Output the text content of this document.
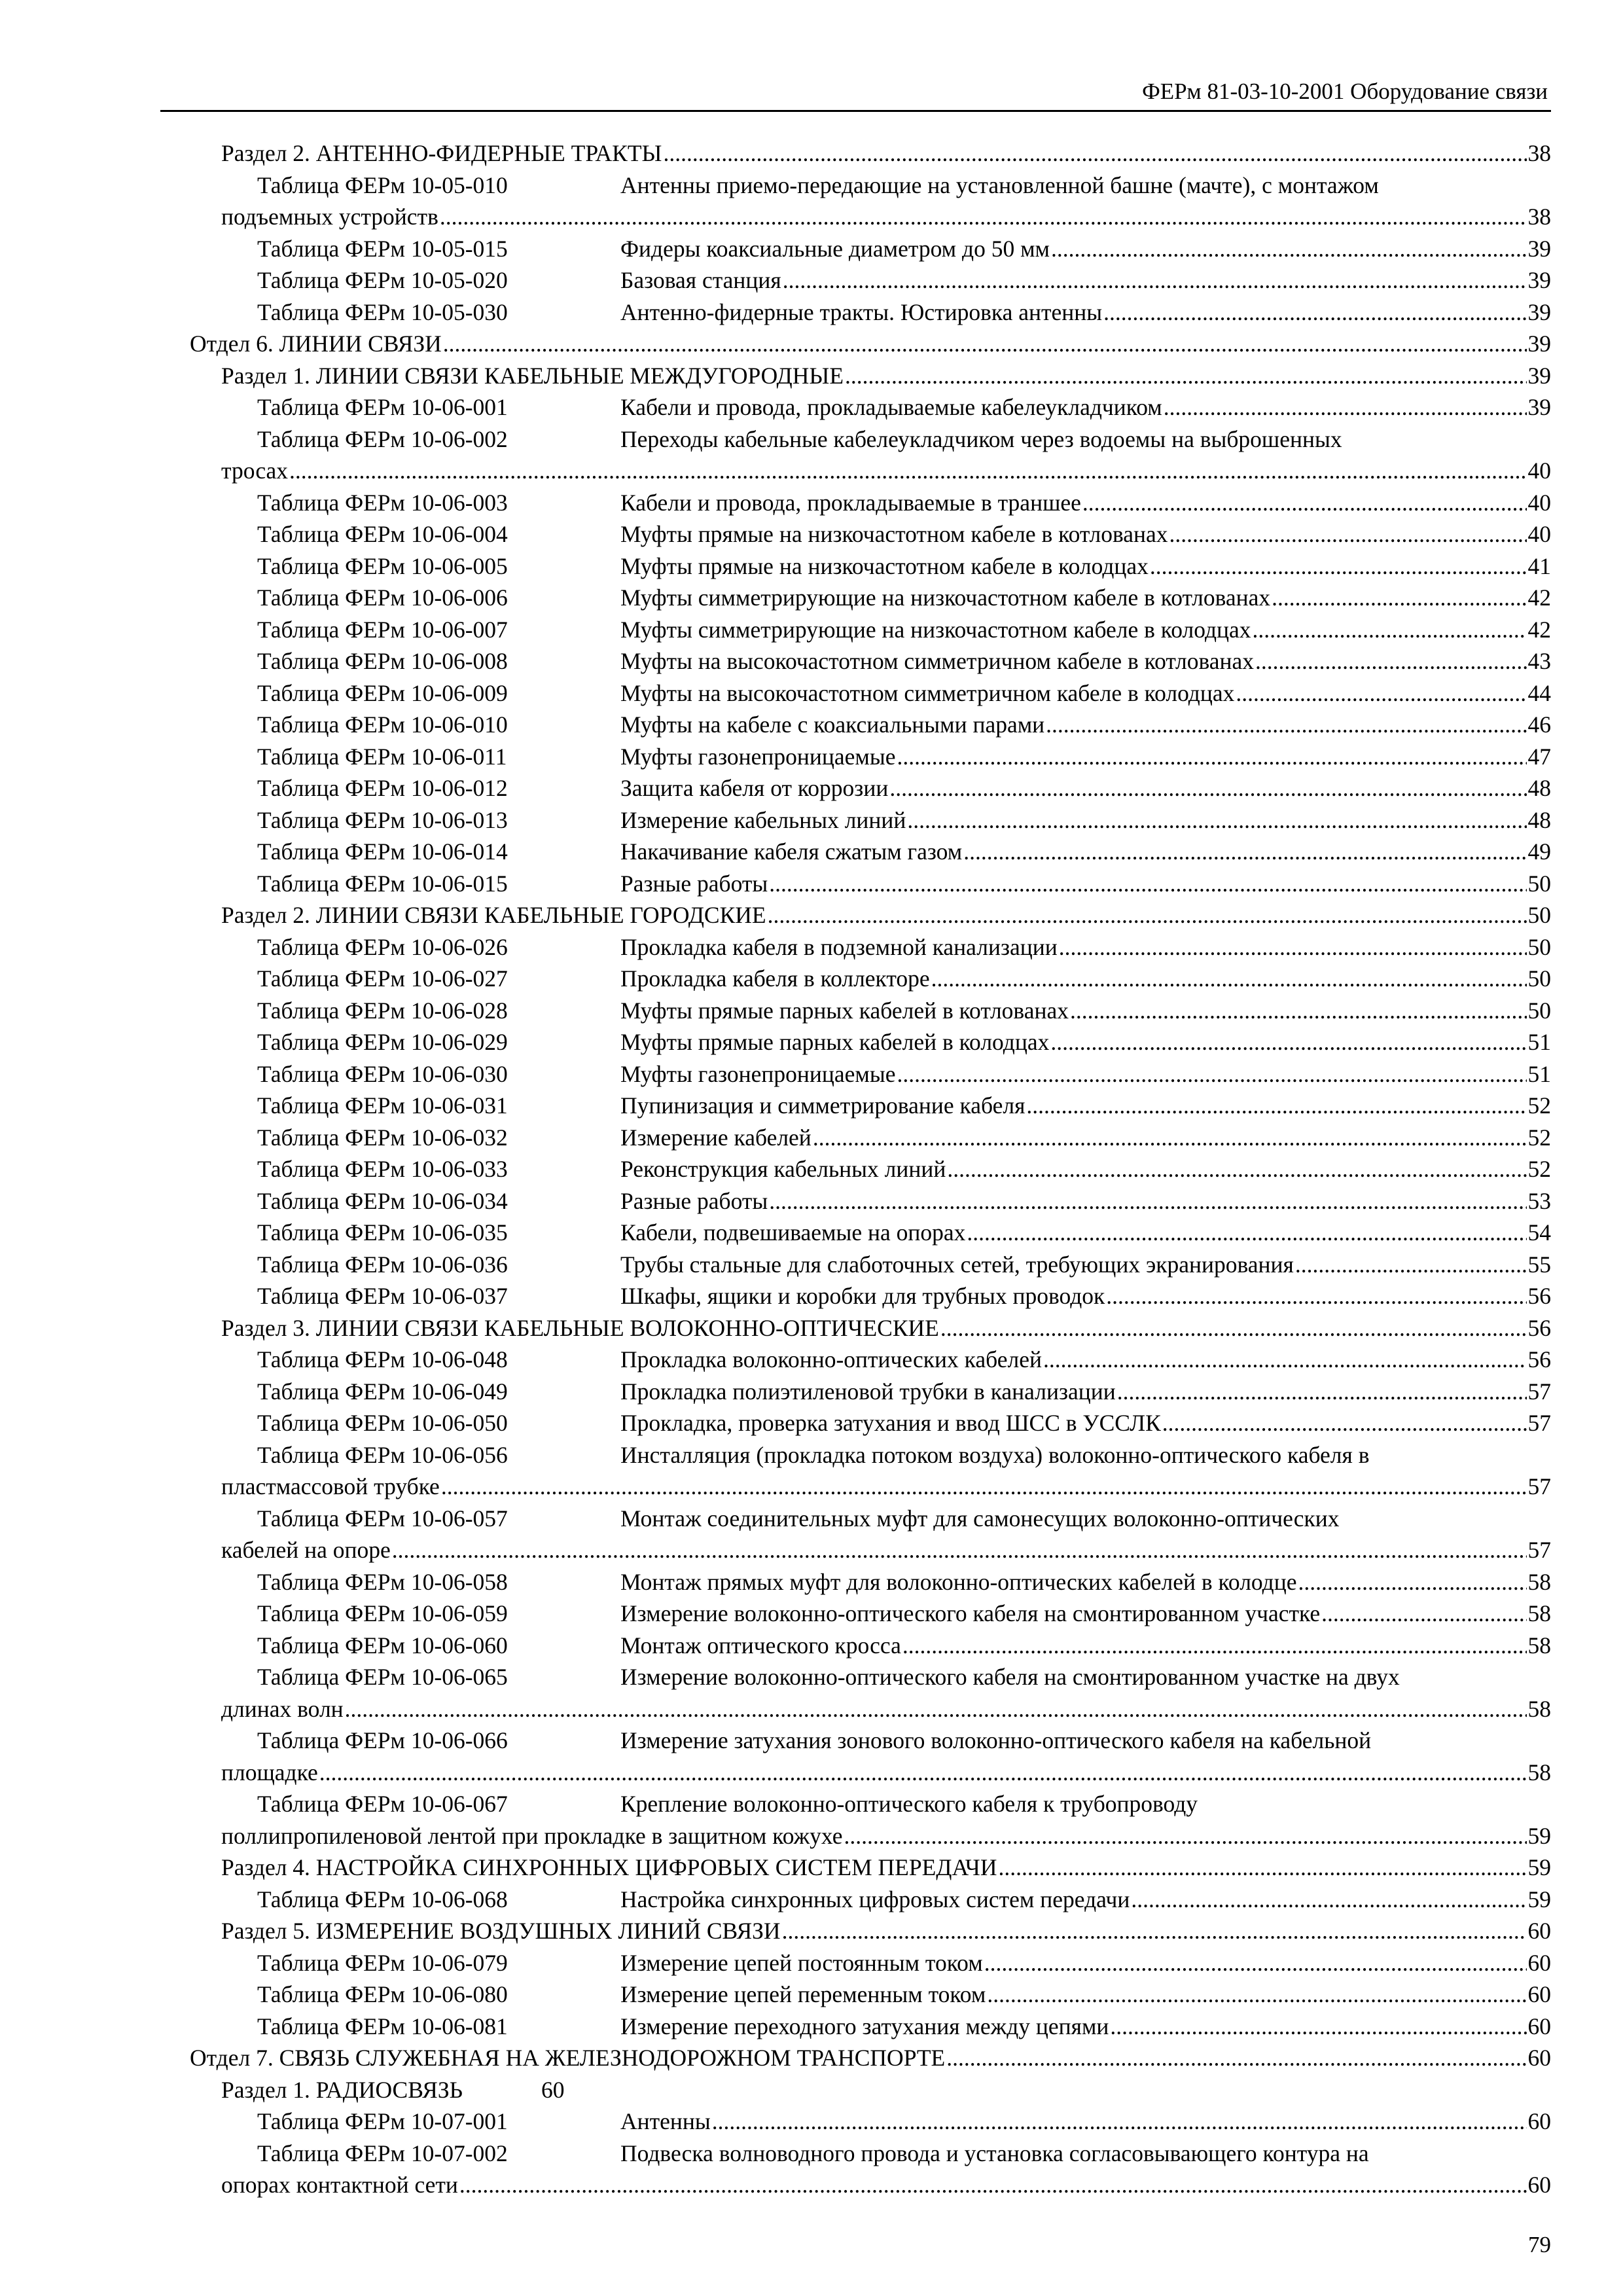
ФЕРм 81-03-10-2001 Оборудование связи
Раздел 2. АНТЕННО-ФИДЕРНЫЕ ТРАКТЫ .....	38
Таблица ФЕРм 10-05-010	Антенны приемо-передающие на установленной башне (мачте), с монтажом
подъемных устройств .....	38
Таблица ФЕРм 10-05-015	Фидеры коаксиальные диаметром до 50 мм .....	39
Таблица ФЕРм 10-05-020	Базовая станция .....	39
Таблица ФЕРм 10-05-030	Антенно-фидерные тракты. Юстировка антенны .....	39
Отдел 6. ЛИНИИ СВЯЗИ .....	39
Раздел 1. ЛИНИИ СВЯЗИ КАБЕЛЬНЫЕ МЕЖДУГОРОДНЫЕ .....	39
Таблица ФЕРм 10-06-001	Кабели и провода, прокладываемые кабелеукладчиком .....	39
Таблица ФЕРм 10-06-002	Переходы кабельные кабелеукладчиком через водоемы на выброшенных
тросах .....	40
Таблица ФЕРм 10-06-003	Кабели и провода, прокладываемые в траншее .....	40
Таблица ФЕРм 10-06-004	Муфты прямые на низкочастотном кабеле в котлованах .....	40
Таблица ФЕРм 10-06-005	Муфты прямые на низкочастотном кабеле в колодцах .....	41
Таблица ФЕРм 10-06-006	Муфты симметрирующие на низкочастотном кабеле в котлованах .....	42
Таблица ФЕРм 10-06-007	Муфты симметрирующие на низкочастотном кабеле в колодцах .....	42
Таблица ФЕРм 10-06-008	Муфты на высокочастотном симметричном кабеле в котлованах .....	43
Таблица ФЕРм 10-06-009	Муфты на высокочастотном симметричном кабеле в колодцах .....	44
Таблица ФЕРм 10-06-010	Муфты на кабеле с коаксиальными парами .....	46
Таблица ФЕРм 10-06-011	Муфты газонепроницаемые .....	47
Таблица ФЕРм 10-06-012	Защита кабеля от коррозии .....	48
Таблица ФЕРм 10-06-013	Измерение кабельных линий .....	48
Таблица ФЕРм 10-06-014	Накачивание кабеля сжатым газом .....	49
Таблица ФЕРм 10-06-015	Разные работы .....	50
Раздел 2. ЛИНИИ СВЯЗИ КАБЕЛЬНЫЕ ГОРОДСКИЕ .....	50
Таблица ФЕРм 10-06-026	Прокладка кабеля в подземной канализации .....	50
Таблица ФЕРм 10-06-027	Прокладка кабеля в коллекторе .....	50
Таблица ФЕРм 10-06-028	Муфты прямые парных кабелей в котлованах .....	50
Таблица ФЕРм 10-06-029	Муфты прямые парных кабелей в колодцах .....	51
Таблица ФЕРм 10-06-030	Муфты газонепроницаемые .....	51
Таблица ФЕРм 10-06-031	Пупинизация и симметрирование кабеля .....	52
Таблица ФЕРм 10-06-032	Измерение кабелей .....	52
Таблица ФЕРм 10-06-033	Реконструкция кабельных линий .....	52
Таблица ФЕРм 10-06-034	Разные работы .....	53
Таблица ФЕРм 10-06-035	Кабели, подвешиваемые на опорах .....	54
Таблица ФЕРм 10-06-036	Трубы стальные для слаботочных сетей, требующих экранирования .....	55
Таблица ФЕРм 10-06-037	Шкафы, ящики и коробки для трубных проводок .....	56
Раздел 3. ЛИНИИ СВЯЗИ КАБЕЛЬНЫЕ ВОЛОКОННО-ОПТИЧЕСКИЕ .....	56
Таблица ФЕРм 10-06-048	Прокладка волоконно-оптических кабелей .....	56
Таблица ФЕРм 10-06-049	Прокладка полиэтиленовой трубки в канализации .....	57
Таблица ФЕРм 10-06-050	Прокладка, проверка затухания и ввод ШСС в УССЛК .....	57
Таблица ФЕРм 10-06-056	Инсталляция (прокладка потоком воздуха) волоконно-оптического кабеля в
пластмассовой трубке .....	57
Таблица ФЕРм 10-06-057	Монтаж соединительных муфт для самонесущих волоконно-оптических
кабелей на опоре .....	57
Таблица ФЕРм 10-06-058	Монтаж прямых муфт для волоконно-оптических кабелей в колодце .....	58
Таблица ФЕРм 10-06-059	Измерение волоконно-оптического кабеля на смонтированном участке .....	58
Таблица ФЕРм 10-06-060	Монтаж оптического кросса .....	58
Таблица ФЕРм 10-06-065	Измерение волоконно-оптического кабеля на смонтированном участке на двух
длинах волн .....	58
Таблица ФЕРм 10-06-066	Измерение затухания зонового волоконно-оптического кабеля на кабельной
площадке .....	58
Таблица ФЕРм 10-06-067	Крепление волоконно-оптического кабеля к трубопроводу
поллипропиленовой лентой при прокладке в защитном кожухе .....	59
Раздел 4. НАСТРОЙКА СИНХРОННЫХ ЦИФРОВЫХ СИСТЕМ ПЕРЕДАЧИ .....	59
Таблица ФЕРм 10-06-068	Настройка синхронных цифровых систем передачи .....	59
Раздел 5. ИЗМЕРЕНИЕ ВОЗДУШНЫХ ЛИНИЙ СВЯЗИ .....	60
Таблица ФЕРм 10-06-079	Измерение цепей постоянным током .....	60
Таблица ФЕРм 10-06-080	Измерение цепей переменным током .....	60
Таблица ФЕРм 10-06-081	Измерение переходного затухания между цепями .....	60
Отдел 7. СВЯЗЬ СЛУЖЕБНАЯ НА ЖЕЛЕЗНОДОРОЖНОМ ТРАНСПОРТЕ .....	60
Раздел 1. РАДИОСВЯЗЬ	60
Таблица ФЕРм 10-07-001	Антенны .....	60
Таблица ФЕРм 10-07-002	Подвеска волноводного провода и установка согласовывающего контура на
опорах контактной сети .....	60
79
